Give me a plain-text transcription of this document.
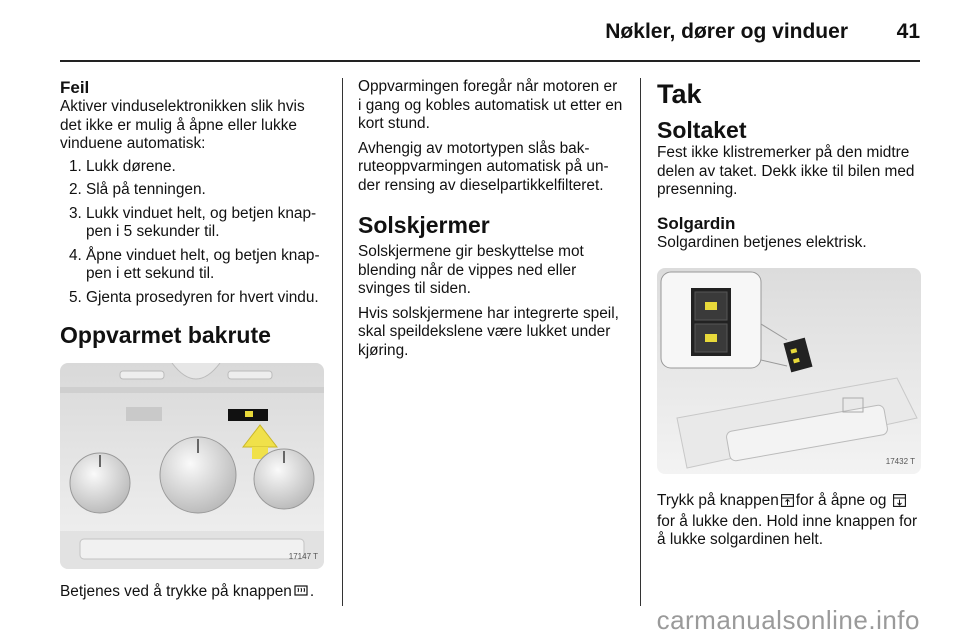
Nøkler, dører og vinduer 41
Feil

Aktiver vinduselektronikken slik hvis det ikke er mulig å åpne eller lukke vinduene automatisk:

1. Lukk dørene.
2. Slå på tenningen.
3. Lukk vinduet helt, og betjen knap-pen i 5 sekunder til.
4. Åpne vinduet helt, og betjen knap-pen i ett sekund til.
5. Gjenta prosedyren for hvert vindu.
Oppvarmet bakrute
17147 T

Betjenes ved å trykke på knappen .

Oppvarmingen foregår når motoren er i gang og kobles automatisk ut etter en kort stund.

Avhengig av motortypen slås bak-ruteoppvarmingen automatisk på un-der rensing av dieselpartikkelfilteret.

Solskjermer

Solskjermene gir beskyttelse mot blending når de vippes ned eller svinges til siden.

Hvis solskjermene har integrerte speil, skal speildekslene være lukket under kjøring.

Tak
Soltaket

Fest ikke klistremerker på den midtre delen av taket. Dekk ikke til bilen med presenning.

Solgardin

Solgardinen betjenes elektrisk.

17432 T

Trykk på knappen for å åpne og for å lukke den. Hold inne knappen for å lukke solgardinen helt.

carmanualsonline.info
